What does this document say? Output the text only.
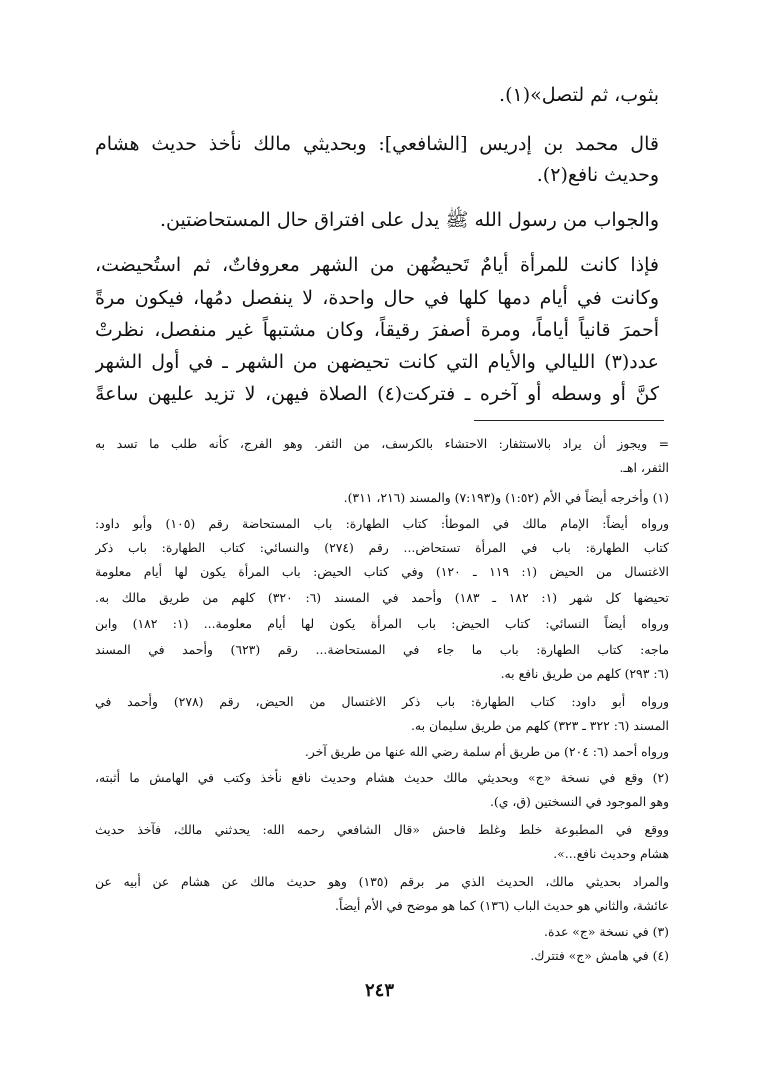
بثوب، ثم لتصل»(١).
قال محمد بن إدريس [الشافعي]: وبحديثي مالك نأخذ حديث هشام
وحديث نافع(٢).
والجواب من رسول الله ﷺ يدل على افتراق حال المستحاضتين.
فإذا كانت للمرأة أيامٌ تَحيضُهن من الشهر معروفاتٌ، ثم استُحيضت،
وكانت في أيام دمها كلها في حال واحدة، لا ينفصل دمُها، فيكون مرةً
أحمرَ قانياً أياماً، ومرة أصفرَ رقيقاً، وكان مشتبهاً غير منفصل، نظرتْ
عدد(٣) الليالي والأيام التي كانت تحيضهن من الشهر ـ في أول الشهر
كنَّ أو وسطه أو آخره ـ فتركت(٤) الصلاة فيهن، لا تزيد عليهن ساعةً
= ويجوز أن يراد بالاستثفار: الاحتشاء بالكرسف، من الثفر. وهو الفرج، كأنه طلب ما تسد به
الثفر، اهـ.
(١) وأخرجه أيضاً في الأم (١:٥٢) و(٧:١٩٣) والمسند (٢١٦، ٣١١).
ورواه أيضاً: الإمام مالك في الموطأ: كتاب الطهارة: باب المستحاضة رقم (١٠٥) وأبو داود:
كتاب الطهارة: باب في المرأة تستحاض... رقم (٢٧٤) والنسائي: كتاب الطهارة: باب ذكر
الاغتسال من الحيض (١: ١١٩ ـ ١٢٠) وفي كتاب الحيض: باب المرأة يكون لها أيام معلومة
تحيضها كل شهر (١: ١٨٢ ـ ١٨٣) وأحمد في المسند (٦: ٣٢٠) كلهم من طريق مالك به.
ورواه أيضاً النسائي: كتاب الحيض: باب المرأة يكون لها أيام معلومة... (١: ١٨٢) وابن
ماجه: كتاب الطهارة: باب ما جاء في المستحاضة... رقم (٦٢٣) وأحمد في المسند
(٦: ٢٩٣) كلهم من طريق نافع به.
ورواه أبو داود: كتاب الطهارة: باب ذكر الاغتسال من الحيض، رقم (٢٧٨) وأحمد في
المسند (٦: ٣٢٢ ـ ٣٢٣) كلهم من طريق سليمان به.
ورواه أحمد (٦: ٢٠٤) من طريق أم سلمة رضي الله عنها من طريق آخر.
(٢) وقع في نسخة «ج» وبحديثي مالك حديث هشام وحديث نافع نأخذ وكتب في الهامش ما أثبته،
وهو الموجود في النسختين (ق، ي).
ووقع في المطبوعة خلط وغلط فاحش «قال الشافعي رحمه الله: يحدثني مالك، فآخذ حديث
هشام وحديث نافع...».
والمراد بحديثي مالك، الحديث الذي مر برقم (١٣٥) وهو حديث مالك عن هشام عن أبيه عن
عائشة، والثاني هو حديث الباب (١٣٦) كما هو موضح في الأم أيضاً.
(٣) في نسخة «ج» عدة.
(٤) في هامش «ج» فتترك.
٢٤٣
